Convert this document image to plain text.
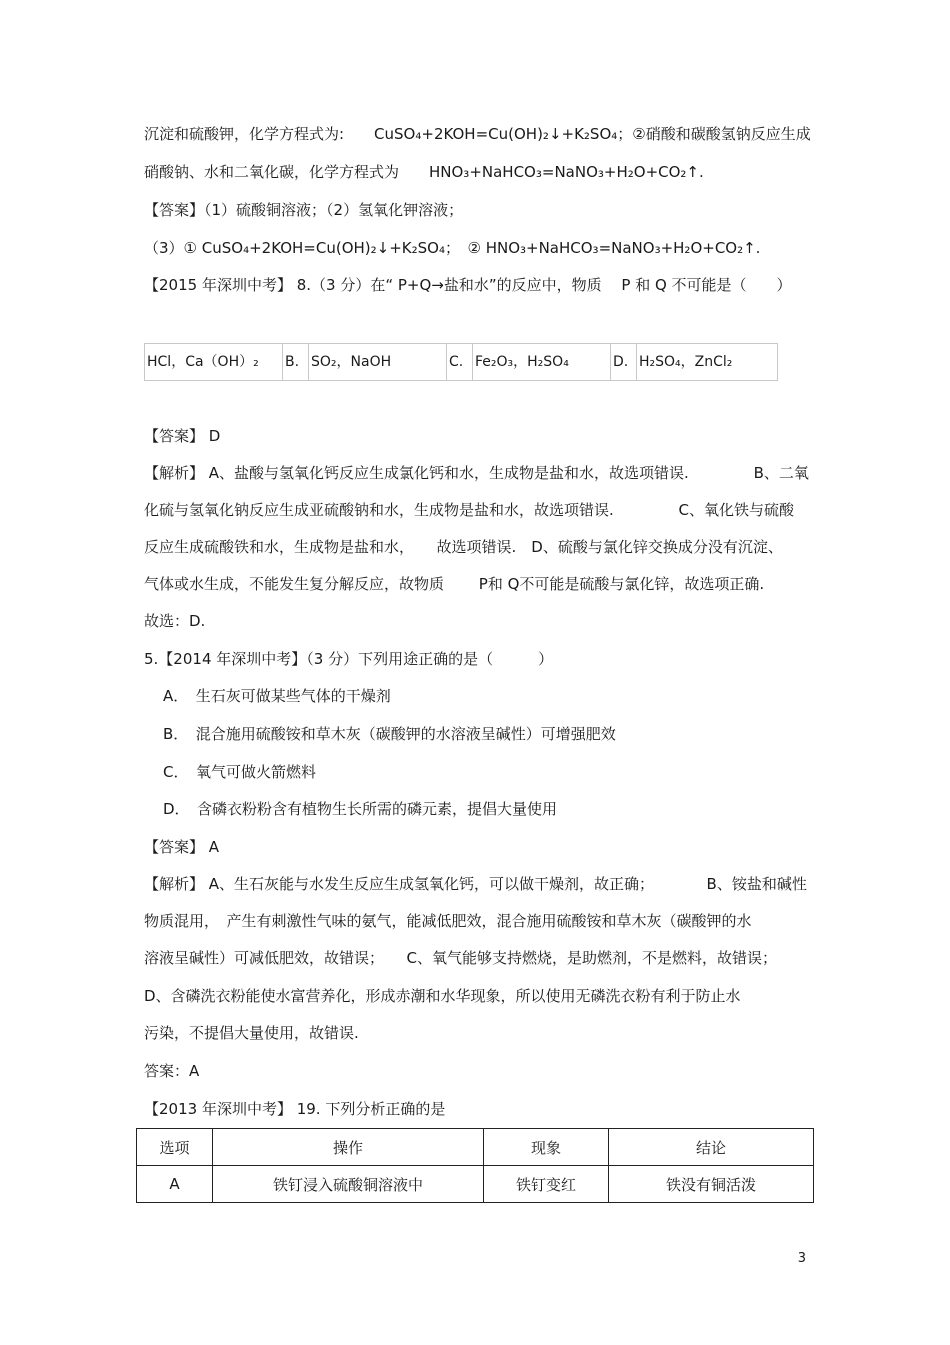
沉淀和硫酸钾，化学方程式为:　　CuSO₄+2KOH=Cu(OH)₂↓+K₂SO₄；②硝酸和碳酸氢钠反应生成
硝酸钠、水和二氧化碳，化学方程式为　　HNO₃+NaHCO₃=NaNO₃+H₂O+CO₂↑.
【答案】（1）硫酸铜溶液；（2）氢氧化钾溶液；
（3）① CuSO₄+2KOH=Cu(OH)₂↓+K₂SO₄；　② HNO₃+NaHCO₃=NaNO₃+H₂O+CO₂↑.
【2015 年深圳中考】 8.（3 分）在“ P+Q→盐和水”的反应中，物质　 P 和 Q 不可能是（　　）
HCl，Ca（OH）₂	B. SO₂，NaOH	C. Fe₂O₃，H₂SO₄	D. H₂SO₄，ZnCl₂
【答案】 D
【解析】 A、盐酸与氢氧化钙反应生成氯化钙和水，生成物是盐和水，故选项错误.　　　　 B、二氧
化硫与氢氧化钠反应生成亚硫酸钠和水，生成物是盐和水，故选项错误.　　　　 C、氧化铁与硫酸
反应生成硫酸铁和水，生成物是盐和水，　　故选项错误.　D、硫酸与氯化锌交换成分没有沉淀、
气体或水生成，不能发生复分解反应，故物质　　 P和 Q不可能是硫酸与氯化锌，故选项正确.
故选：D.
5.【2014 年深圳中考】（3 分）下列用途正确的是（　　　）
A．　生石灰可做某些气体的干燥剂
B．　混合施用硫酸铵和草木灰（碳酸钾的水溶液呈碱性）可增强肥效
C．　氧气可做火箭燃料
D．　含磷衣粉粉含有植物生长所需的磷元素，提倡大量使用
【答案】 A
【解析】 A、生石灰能与水发生反应生成氢氧化钙，可以做干燥剂，故正确；　　　　B、铵盐和碱性
物质混用，　产生有刺激性气味的氨气，能减低肥效，混合施用硫酸铵和草木灰（碳酸钾的水
溶液呈碱性）可减低肥效，故错误；　　C、氧气能够支持燃烧，是助燃剂，不是燃料，故错误；
D、含磷洗衣粉能使水富营养化，形成赤潮和水华现象，所以使用无磷洗衣粉有利于防止水
污染，不提倡大量使用，故错误.
答案：A
【2013 年深圳中考】 19. 下列分析正确的是
选项	操作	现象	结论
A	铁钉浸入硫酸铜溶液中	铁钉变红	铁没有铜活泼
3
